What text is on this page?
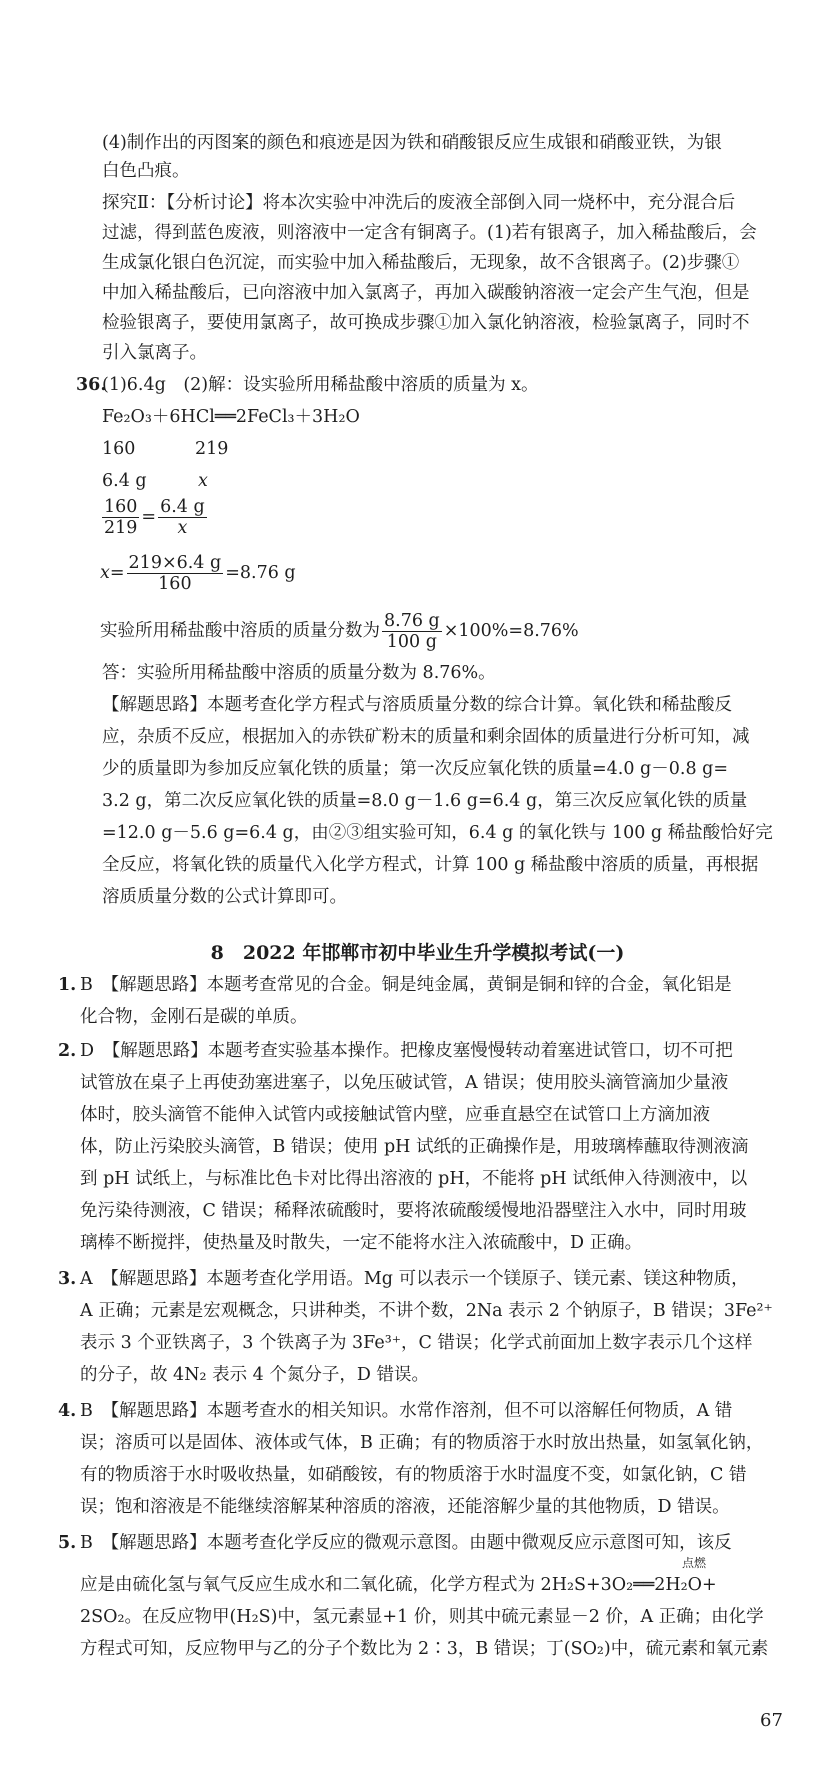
(4)制作出的丙图案的颜色和痕迹是因为铁和硝酸银反应生成银和硝酸亚铁，为银
白色凸痕。
探究Ⅱ：【分析讨论】将本次实验中冲洗后的废液全部倒入同一烧杯中，充分混合后
过滤，得到蓝色废液，则溶液中一定含有铜离子。(1)若有银离子，加入稀盐酸后，会
生成氯化银白色沉淀，而实验中加入稀盐酸后，无现象，故不含银离子。(2)步骤①
中加入稀盐酸后，已向溶液中加入氯离子，再加入碳酸钠溶液一定会产生气泡，但是
检验银离子，要使用氯离子，故可换成步骤①加入氯化钠溶液，检验氯离子，同时不
引入氯离子。
36.
(1)6.4g　(2)解：设实验所用稀盐酸中溶质的质量为 x。
Fe₂O₃＋6HCl══2FeCl₃＋3H₂O
160	219
6.4 g	x
$\frac{160}{219} = \frac{6.4 g}{x}$
$x= \frac{219\times 6.4 g}{160} =8.76$ g
实验所用稀盐酸中溶质的质量分数为 $\frac{8.76 g}{100 g} \times 100\%=8.76\%$
答：实验所用稀盐酸中溶质的质量分数为 8.76%。
【解题思路】本题考查化学方程式与溶质质量分数的综合计算。氧化铁和稀盐酸反
应，杂质不反应，根据加入的赤铁矿粉末的质量和剩余固体的质量进行分析可知，减
少的质量即为参加反应氧化铁的质量；第一次反应氧化铁的质量=4.0 g－0.8 g=
3.2 g，第二次反应氧化铁的质量=8.0 g－1.6 g=6.4 g，第三次反应氧化铁的质量
=12.0 g－5.6 g=6.4 g，由②③组实验可知，6.4 g 的氧化铁与 100 g 稀盐酸恰好完
全反应，将氧化铁的质量代入化学方程式，计算 100 g 稀盐酸中溶质的质量，再根据
溶质质量分数的公式计算即可。
8　2022 年邯郸市初中毕业生升学模拟考试(一)
1. B　【解题思路】本题考查常见的合金。铜是纯金属，黄铜是铜和锌的合金，氧化铝是
化合物，金刚石是碳的单质。
2. D　【解题思路】本题考查实验基本操作。把橡皮塞慢慢转动着塞进试管口，切不可把
试管放在桌子上再使劲塞进塞子，以免压破试管，A 错误；使用胶头滴管滴加少量液
体时，胶头滴管不能伸入试管内或接触试管内壁，应垂直悬空在试管口上方滴加液
体，防止污染胶头滴管，B 错误；使用 pH 试纸的正确操作是，用玻璃棒蘸取待测液滴
到 pH 试纸上，与标准比色卡对比得出溶液的 pH，不能将 pH 试纸伸入待测液中，以
免污染待测液，C 错误；稀释浓硫酸时，要将浓硫酸缓慢地沿器壁注入水中，同时用玻
璃棒不断搅拌，使热量及时散失，一定不能将水注入浓硫酸中，D 正确。
3. A　【解题思路】本题考查化学用语。Mg 可以表示一个镁原子、镁元素、镁这种物质，
A 正确；元素是宏观概念，只讲种类，不讲个数，2Na 表示 2 个钠原子，B 错误；3Fe²⁺
表示 3 个亚铁离子，3 个铁离子为 3Fe³⁺，C 错误；化学式前面加上数字表示几个这样
的分子，故 4N₂ 表示 4 个氮分子，D 错误。
4. B　【解题思路】本题考查水的相关知识。水常作溶剂，但不可以溶解任何物质，A 错
误；溶质可以是固体、液体或气体，B 正确；有的物质溶于水时放出热量，如氢氧化钠，
有的物质溶于水时吸收热量，如硝酸铵，有的物质溶于水时温度不变，如氯化钠，C 错
误；饱和溶液是不能继续溶解某种溶质的溶液，还能溶解少量的其他物质，D 错误。
5. B　【解题思路】本题考查化学反应的微观示意图。由题中微观反应示意图可知，该反
应是由硫化氢与氧气反应生成水和二氧化硫，化学方程式为 2H₂S+3O₂══2H₂O+
2SO₂。在反应物甲(H₂S)中，氢元素显+1 价，则其中硫元素显－2 价，A 正确；由化学
方程式可知，反应物甲与乙的分子个数比为 2∶3，B 错误；丁(SO₂)中，硫元素和氧元素
点燃
67
